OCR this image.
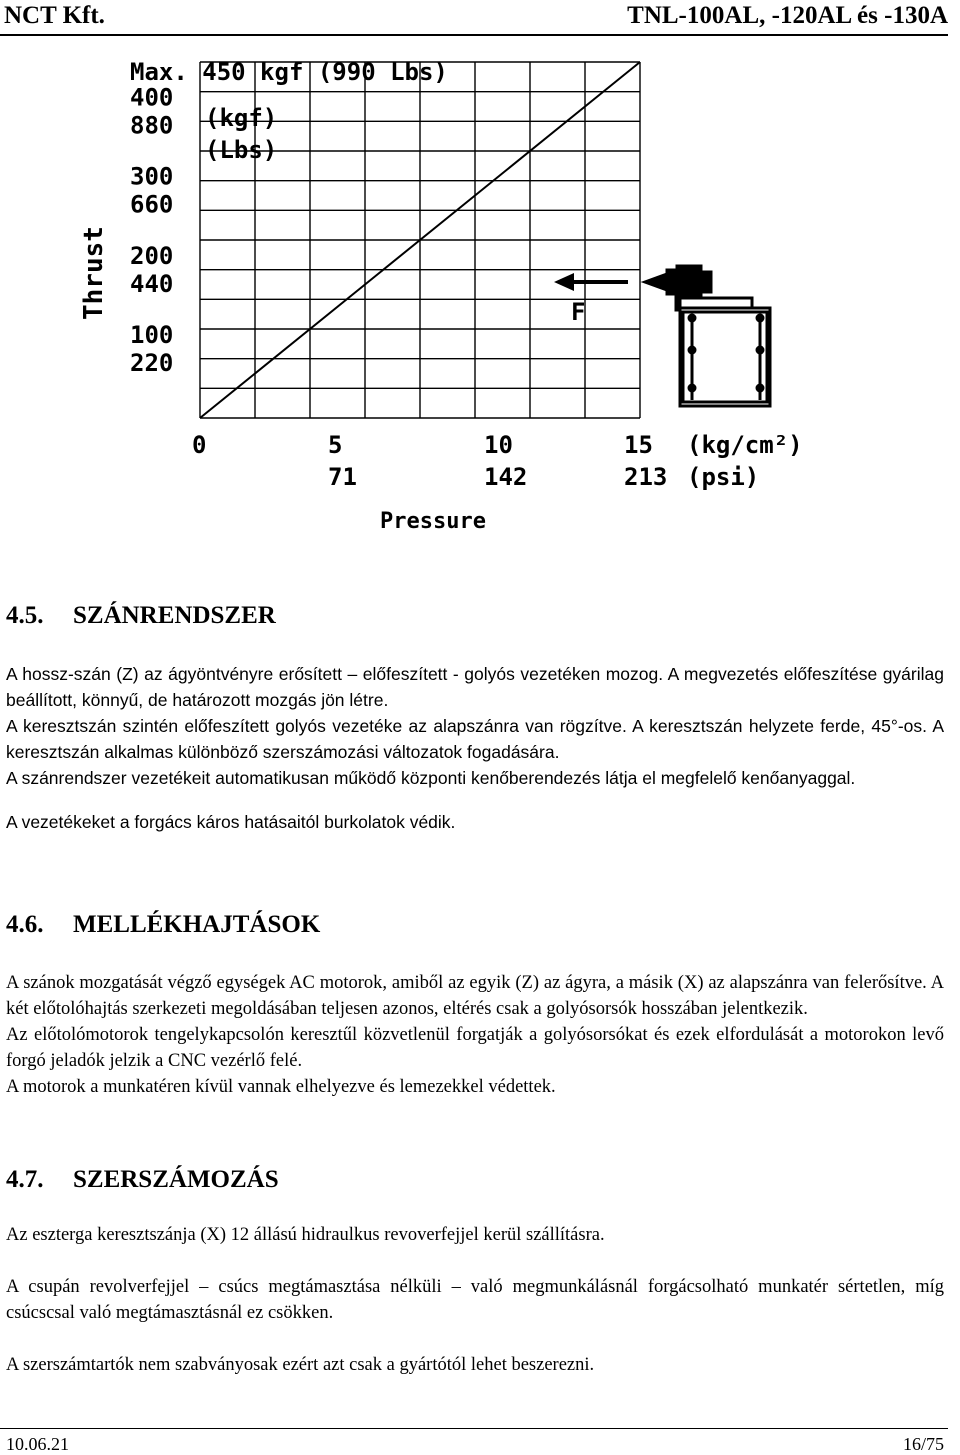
NCT Kft.	TNL-100AL, -120AL és -130A
Max. 450 kgf (990 Lbs)
(kgf)
(Lbs)
Thrust
400
880
300
660
200
440
100
220
0	5	10	15
71	142	213
(kg/cm²)
(psi)
Pressure
F
4.5. SZÁNRENDSZER

A hossz-szán (Z) az ágyöntvényre erősített – előfeszített - golyós vezetéken mozog. A megvezetés előfeszítése gyárilag beállított, könnyű, de határozott mozgás jön létre.

A keresztszán szintén előfeszített golyós vezetéke az alapszánra van rögzítve. A keresztszán helyzete ferde, 45°-os. A keresztszán alkalmas különböző szerszámozási változatok fogadására.

A szánrendszer vezetékeit automatikusan működő központi kenőberendezés látja el megfelelő kenőanyaggal.

A vezetékeket a forgács káros hatásaitól burkolatok védik.

4.6. MELLÉKHAJTÁSOK

A szánok mozgatását végző egységek AC motorok, amiből az egyik (Z) az ágyra, a másik (X) az alapszánra van felerősítve. A két előtolóhajtás szerkezeti megoldásában teljesen azonos, eltérés csak a golyósorsók hosszában jelentkezik.

Az előtolómotorok tengelykapcsolón keresztűl közvetlenül forgatják a golyósorsókat és ezek elfordulását a motorokon levő forgó jeladók jelzik a CNC vezérlő felé.

A motorok a munkatéren kívül vannak elhelyezve és lemezekkel védettek.

4.7. SZERSZÁMOZÁS

Az eszterga keresztszánja (X) 12 állású hidraulkus revoverfejjel kerül szállításra.

A csupán revolverfejjel – csúcs megtámasztása nélküli – való megmunkálásnál forgácsolható munkatér sértetlen, míg csúcscsal való megtámasztásnál ez csökken.

A szerszámtartók nem szabványosak ezért azt csak a gyártótól lehet beszerezni.

10.06.21	16/75
